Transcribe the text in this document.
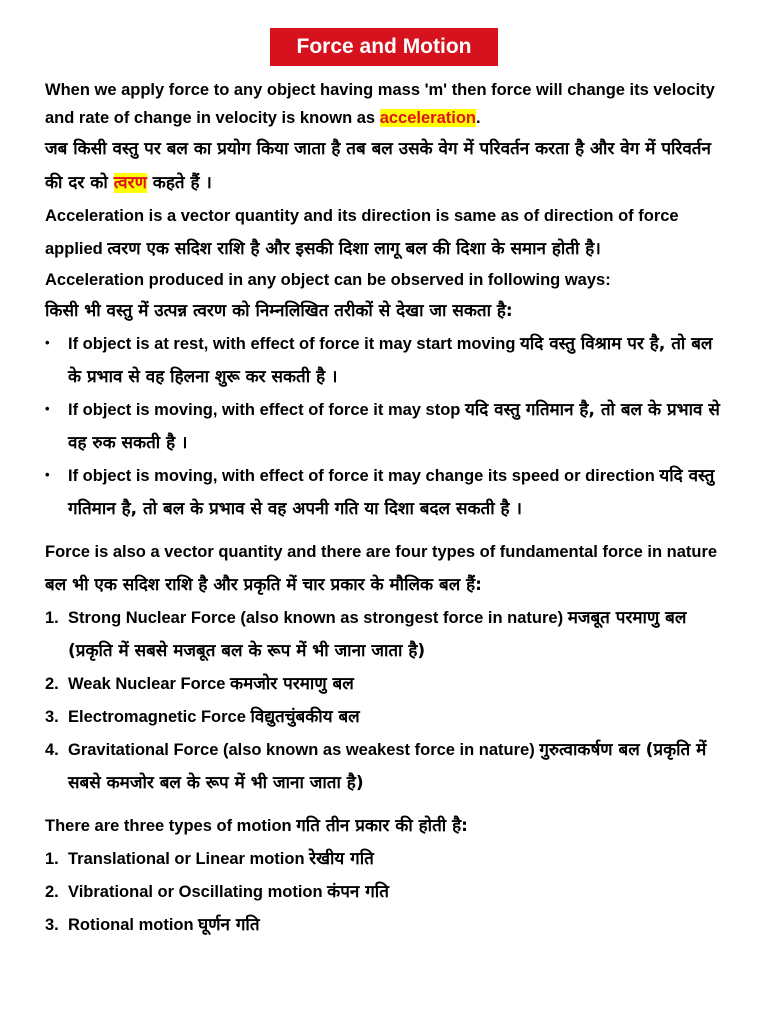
Force and Motion

When we apply force to any object having mass 'm' then force will change its velocity and rate of change in velocity is known as acceleration.

जब किसी वस्तु पर बल का प्रयोग किया जाता है तब बल उसके वेग में परिवर्तन करता है और वेग में परिवर्तन की दर को त्वरण कहते हैं ।

Acceleration is a vector quantity and its direction is same as of direction of force applied त्वरण एक सदिश राशि है और इसकी दिशा लागू बल की दिशा के समान होती है।

Acceleration produced in any object can be observed in following ways:

किसी भी वस्तु में उत्पन्न त्वरण को निम्नलिखित तरीकों से देखा जा सकता है:

• If object is at rest, with effect of force it may start moving यदि वस्तु विश्राम पर है, तो बल के प्रभाव से वह हिलना शुरू कर सकती है ।
• If object is moving, with effect of force it may stop यदि वस्तु गतिमान है, तो बल के प्रभाव से वह रुक सकती है ।
• If object is moving, with effect of force it may change its speed or direction यदि वस्तु गतिमान है, तो बल के प्रभाव से वह अपनी गति या दिशा बदल सकती है ।

Force is also a vector quantity and there are four types of fundamental force in nature बल भी एक सदिश राशि है और प्रकृति में चार प्रकार के मौलिक बल हैं:

1. Strong Nuclear Force (also known as strongest force in nature) मजबूत परमाणु बल (प्रकृति में सबसे मजबूत बल के रूप में भी जाना जाता है)
2. Weak Nuclear Force कमजोर परमाणु बल
3. Electromagnetic Force विद्युतचुंबकीय बल
4. Gravitational Force (also known as weakest force in nature) गुरुत्वाकर्षण बल (प्रकृति में सबसे कमजोर बल के रूप में भी जाना जाता है)

There are three types of motion गति तीन प्रकार की होती है:

1. Translational or Linear motion रेखीय गति
2. Vibrational or Oscillating motion कंपन गति
3. Rotional motion घूर्णन गति
